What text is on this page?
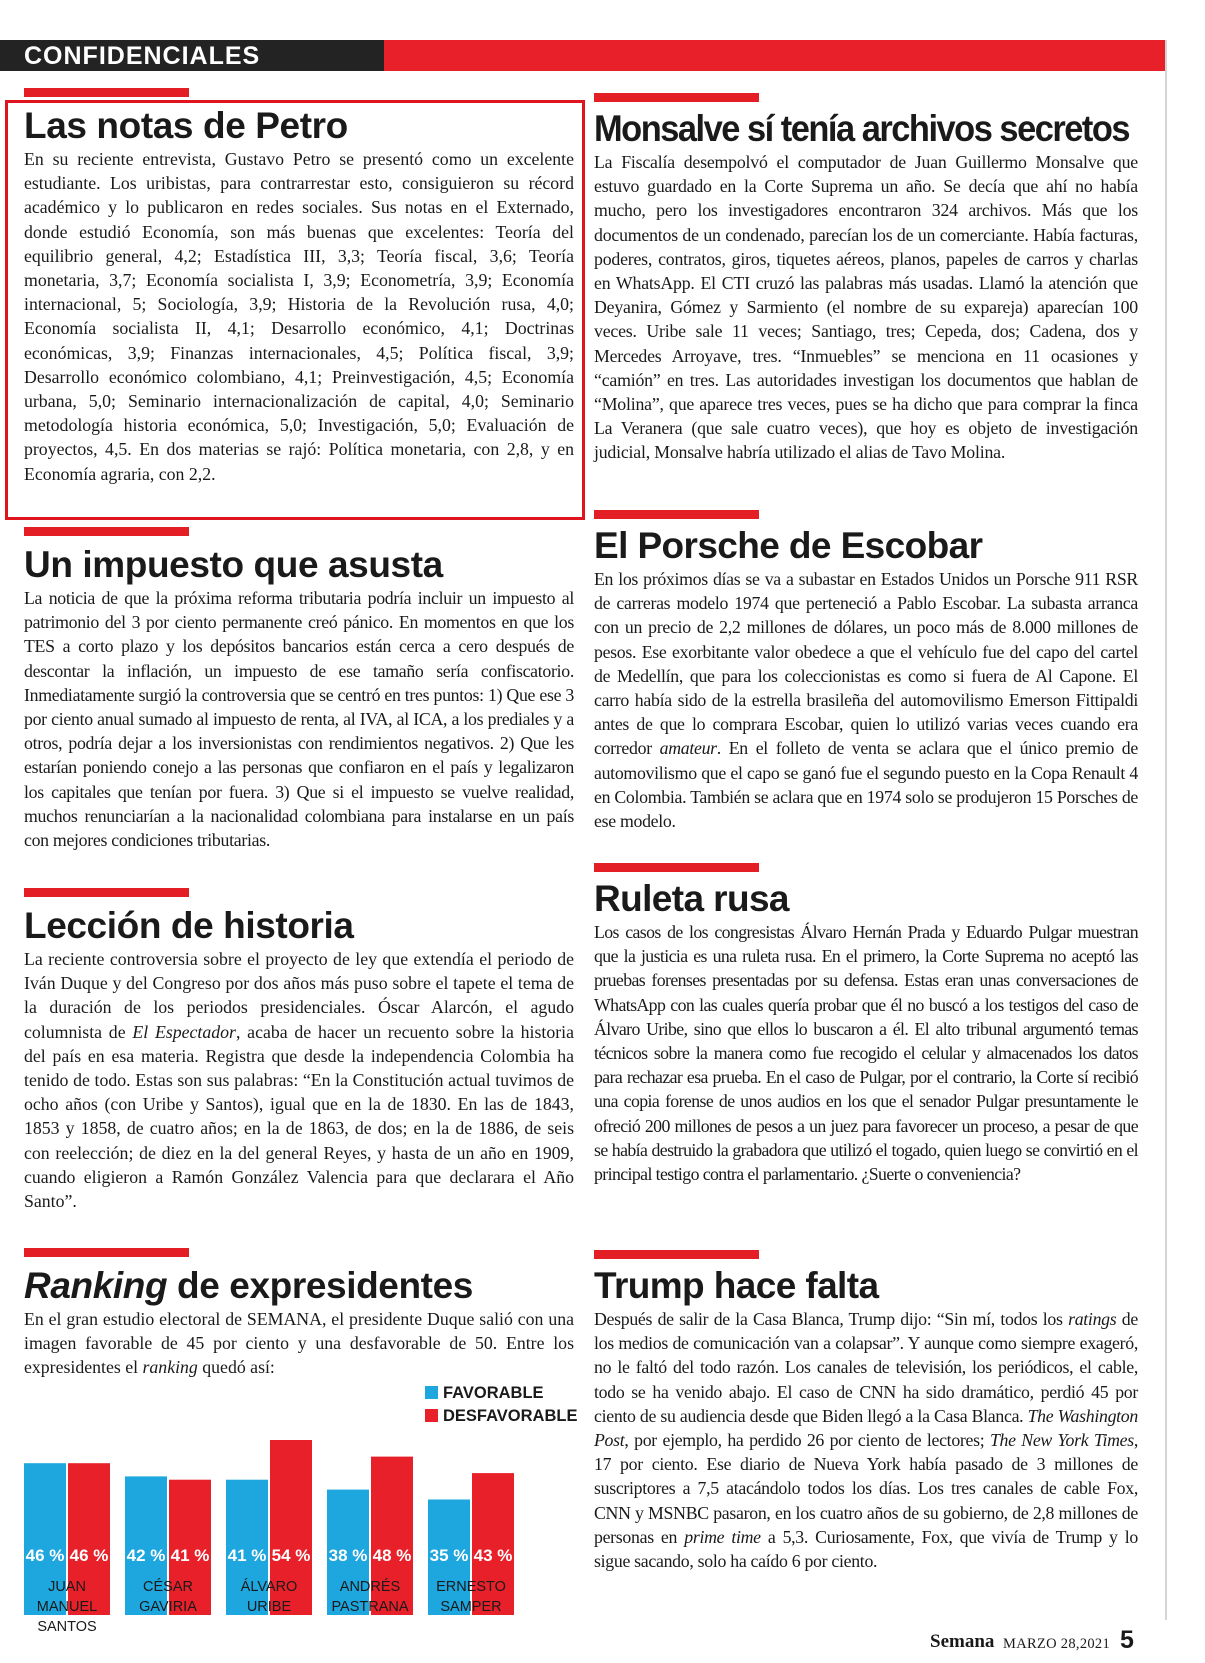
CONFIDENCIALES
Las notas de Petro

En su reciente entrevista, Gustavo Petro se presentó como un excelente estudiante. Los uribistas, para contrarrestar esto, consiguieron su récord académico y lo publicaron en redes sociales. Sus notas en el Externado, donde estudió Economía, son más buenas que excelentes: Teoría del equilibrio general, 4,2; Estadística III, 3,3; Teoría fiscal, 3,6; Teoría monetaria, 3,7; Economía socialista I, 3,9; Econometría, 3,9; Economía internacional, 5; Sociología, 3,9; Historia de la Revolución rusa, 4,0; Economía socialista II, 4,1; Desarrollo económico, 4,1; Doctrinas económicas, 3,9; Finanzas internacionales, 4,5; Política fiscal, 3,9; Desarrollo económico colombiano, 4,1; Preinvestigación, 4,5; Economía urbana, 5,0; Seminario internacionalización de capital, 4,0; Seminario metodología historia económica, 5,0; Investigación, 5,0; Evaluación de proyectos, 4,5. En dos materias se rajó: Política monetaria, con 2,8, y en Economía agraria, con 2,2.

Un impuesto que asusta

La noticia de que la próxima reforma tributaria podría incluir un impuesto al patrimonio del 3 por ciento permanente creó pánico. En momentos en que los TES a corto plazo y los depósitos bancarios están cerca a cero después de descontar la inflación, un impuesto de ese tamaño sería confiscatorio. Inmediatamente surgió la controversia que se centró en tres puntos: 1) Que ese 3 por ciento anual sumado al impuesto de renta, al IVA, al ICA, a los prediales y a otros, podría dejar a los inversionistas con rendimientos negativos. 2) Que les estarían poniendo conejo a las personas que confiaron en el país y legalizaron los capitales que tenían por fuera. 3) Que si el impuesto se vuelve realidad, muchos renunciarían a la nacionalidad colombiana para instalarse en un país con mejores condiciones tributarias.

Lección de historia

La reciente controversia sobre el proyecto de ley que extendía el periodo de Iván Duque y del Congreso por dos años más puso sobre el tapete el tema de la duración de los periodos presidenciales. Óscar Alarcón, el agudo columnista de El Espectador, acaba de hacer un recuento sobre la historia del país en esa materia. Registra que desde la independencia Colombia ha tenido de todo. Estas son sus palabras: “En la Constitución actual tuvimos de ocho años (con Uribe y Santos), igual que en la de 1830. En las de 1843, 1853 y 1858, de cuatro años; en la de 1863, de dos; en la de 1886, de seis con reelección; de diez en la del general Reyes, y hasta de un año en 1909, cuando eligieron a Ramón González Valencia para que declarara el Año Santo”.

Ranking de expresidentes

En el gran estudio electoral de SEMANA, el presidente Duque salió con una imagen favorable de 45 por ciento y una desfavorable de 50. Entre los expresidentes el ranking quedó así:

FAVORABLE
DESFAVORABLE
46 % 46 % 42 % 41 % 41 % 54 % 38 % 48 % 35 % 43 %
JUAN MANUEL
SANTOS
CÉSAR
GAVIRIA
ÁLVARO
URIBE
ANDRÉS
PASTRANA
ERNESTO
SAMPER
Monsalve sí tenía archivos secretos

La Fiscalía desempolvó el computador de Juan Guillermo Monsalve que estuvo guardado en la Corte Suprema un año. Se decía que ahí no había mucho, pero los investigadores encontraron 324 archivos. Más que los documentos de un condenado, parecían los de un comerciante. Había facturas, poderes, contratos, giros, tiquetes aéreos, planos, papeles de carros y charlas en WhatsApp. El CTI cruzó las palabras más usadas. Llamó la atención que Deyanira, Gómez y Sarmiento (el nombre de su expareja) aparecían 100 veces. Uribe sale 11 veces; Santiago, tres; Cepeda, dos; Cadena, dos y Mercedes Arroyave, tres. “Inmuebles” se menciona en 11 ocasiones y “camión” en tres. Las autoridades investigan los documentos que hablan de “Molina”, que aparece tres veces, pues se ha dicho que para comprar la finca La Veranera (que sale cuatro veces), que hoy es objeto de investigación judicial, Monsalve habría utilizado el alias de Tavo Molina.

El Porsche de Escobar

En los próximos días se va a subastar en Estados Unidos un Porsche 911 RSR de carreras modelo 1974 que perteneció a Pablo Escobar. La subasta arranca con un precio de 2,2 millones de dólares, un poco más de 8.000 millones de pesos. Ese exorbitante valor obedece a que el vehículo fue del capo del cartel de Medellín, que para los coleccionistas es como si fuera de Al Capone. El carro había sido de la estrella brasileña del automovilismo Emerson Fittipaldi antes de que lo comprara Escobar, quien lo utilizó varias veces cuando era corredor amateur. En el folleto de venta se aclara que el único premio de automovilismo que el capo se ganó fue el segundo puesto en la Copa Renault 4 en Colombia. También se aclara que en 1974 solo se produjeron 15 Porsches de ese modelo.

Ruleta rusa

Los casos de los congresistas Álvaro Hernán Prada y Eduardo Pulgar muestran que la justicia es una ruleta rusa. En el primero, la Corte Suprema no aceptó las pruebas forenses presentadas por su defensa. Estas eran unas conversaciones de WhatsApp con las cuales quería probar que él no buscó a los testigos del caso de Álvaro Uribe, sino que ellos lo buscaron a él. El alto tribunal argumentó temas técnicos sobre la manera como fue recogido el celular y almacenados los datos para rechazar esa prueba. En el caso de Pulgar, por el contrario, la Corte sí recibió una copia forense de unos audios en los que el senador Pulgar presuntamente le ofreció 200 millones de pesos a un juez para favorecer un proceso, a pesar de que se había destruido la grabadora que utilizó el togado, quien luego se convirtió en el principal testigo contra el parlamentario. ¿Suerte o conveniencia?

Trump hace falta

Después de salir de la Casa Blanca, Trump dijo: “Sin mí, todos los ratings de los medios de comunicación van a colapsar”. Y aunque como siempre exageró, no le faltó del todo razón. Los canales de televisión, los periódicos, el cable, todo se ha venido abajo. El caso de CNN ha sido dramático, perdió 45 por ciento de su audiencia desde que Biden llegó a la Casa Blanca. The Washington Post, por ejemplo, ha perdido 26 por ciento de lectores; The New York Times, 17 por ciento. Ese diario de Nueva York había pasado de 3 millones de suscriptores a 7,5 atacándolo todos los días. Los tres canales de cable Fox, CNN y MSNBC pasaron, en los cuatro años de su gobierno, de 2,8 millones de personas en prime time a 5,3. Curiosamente, Fox, que vivía de Trump y lo sigue sacando, solo ha caído 6 por ciento.

Semana MARZO 28,2021 5
